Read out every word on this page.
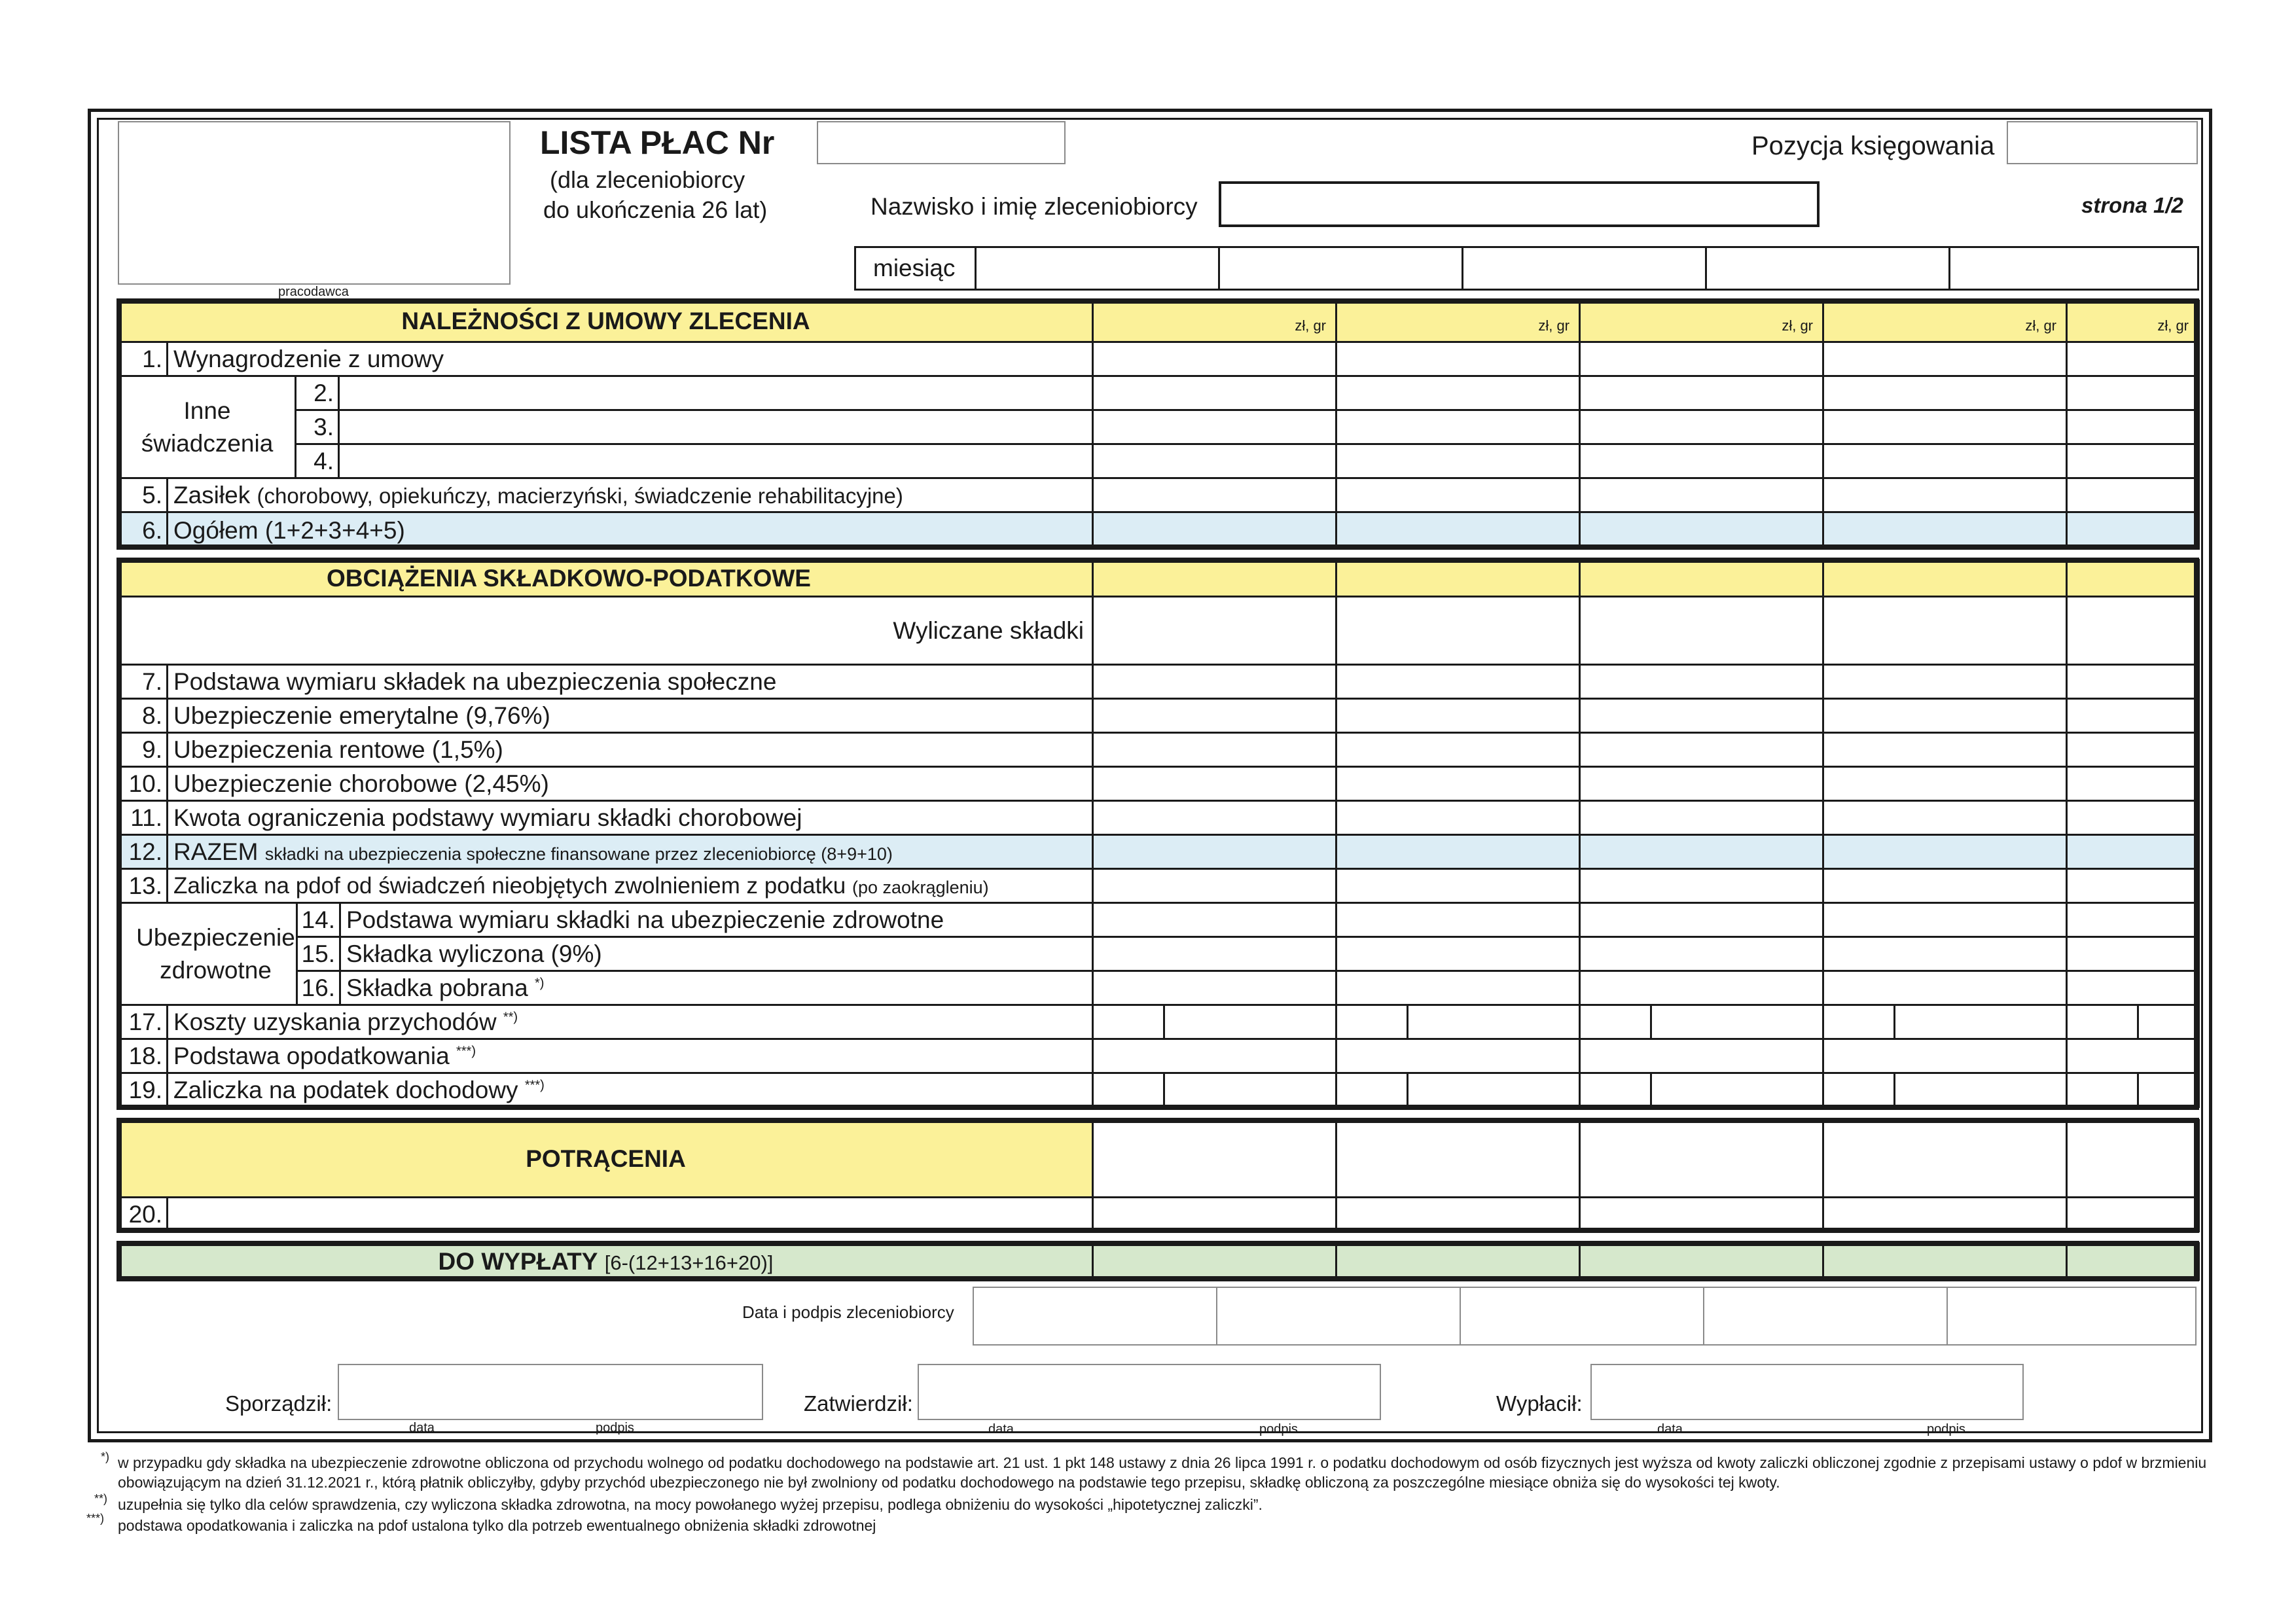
pracodawca
LISTA PŁAC Nr
(dla zleceniobiorcy
do ukończenia 26 lat)
Pozycja księgowania
Nazwisko i imię zleceniobiorcy	strona 1/2
miesiąc					
NALEŻNOŚCI Z UMOWY ZLECENIA				zł, gr	zł, gr	zł, gr	zł, gr	zł, gr

1.	Wynagrodzenie z umowy							
Inne
świadczenia		2.						
		3.						
		4.						
5.	Zasiłek (chorobowy, opiekuńczy, macierzyński, świadczenie rehabilitacyjne)							
6.	Ogółem (1+2+3+4+5)							
OBCIĄŻENIA SKŁADKOWO-PODATKOWE								
Wyliczane składki								
7.	Podstawa wymiaru składek na ubezpieczenia społeczne							
8.	Ubezpieczenie emerytalne (9,76%)							
9.	Ubezpieczenia rentowe (1,5%)							
10.	Ubezpieczenie chorobowe (2,45%)							
11.	Kwota ograniczenia podstawy wymiaru składki chorobowej							
12.	RAZEM składki na ubezpieczenia społeczne finansowane przez zleceniobiorcę (8+9+10)							
13.	Zaliczka na pdof od świadczeń nieobjętych zwolnieniem z podatku (po zaokrągleniu)							
Ubezpieczenie
zdrowotne		14.	Podstawa wymiaru składki na ubezpieczenie zdrowotne					
		15.	Składka wyliczona (9%)					
		16.	Składka pobrana *)					
17.	Koszty uzyskania przychodów **)	

18.	Podstawa opodatkowania ***)					
19.	Zaliczka na podatek dochodowy ***)	

POTRĄCENIA						
20.						
DO WYPŁATY [6-(12+13+16+20)]					
Data i podpis zleceniobiorcy
Sporządził:
data	podpis
Zatwierdził:
data	podpis
Wypłacił:
data	podpis
*) w przypadku gdy składka na ubezpieczenie zdrowotne obliczona od przychodu wolnego od podatku dochodowego na podstawie art. 21 ust. 1 pkt 148 ustawy z dnia 26 lipca 1991 r. o podatku dochodowym od osób fizycznych jest wyższa od kwoty zaliczki obliczonej zgodnie z przepisami ustawy o pdof w brzmieniu
obowiązującym na dzień 31.12.2021 r., którą płatnik obliczyłby, gdyby przychód ubezpieczonego nie był zwolniony od podatku dochodowego na podstawie tego przepisu, składkę obliczoną za poszczególne miesiące obniża się do wysokości tej kwoty.
**) uzupełnia się tylko dla celów sprawdzenia, czy wyliczona składka zdrowotna, na mocy powołanego wyżej przepisu, podlega obniżeniu do wysokości „hipotetycznej zaliczki”.
***) podstawa opodatkowania i zaliczka na pdof ustalona tylko dla potrzeb ewentualnego obniżenia składki zdrowotnej
